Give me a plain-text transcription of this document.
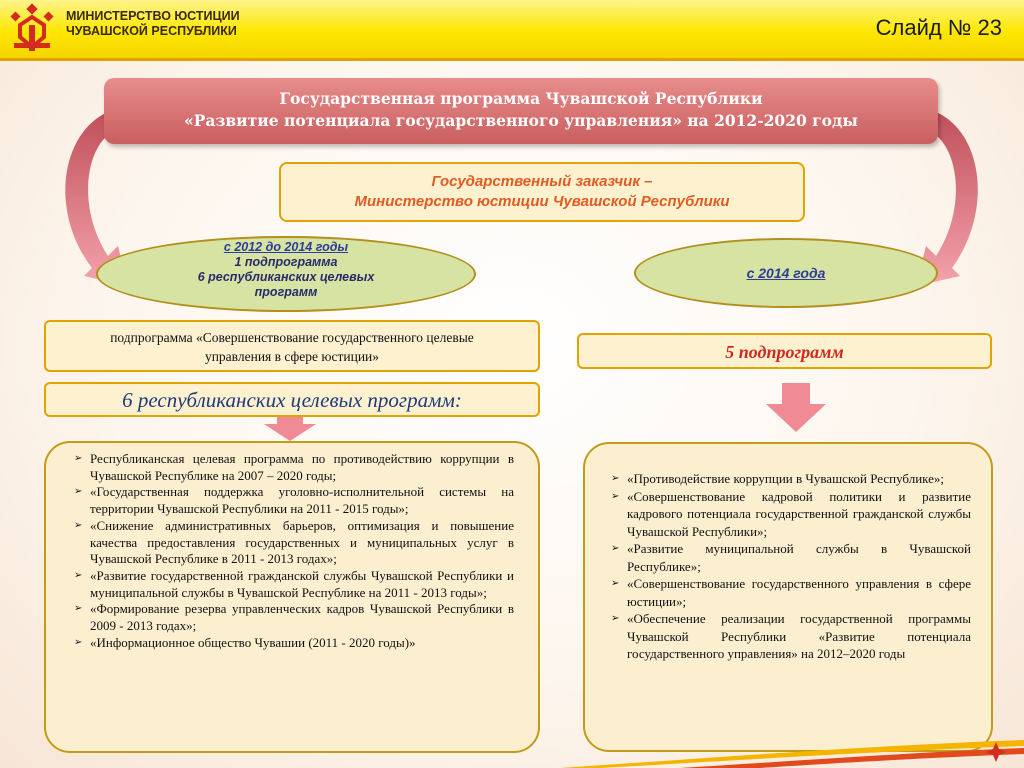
МИНИСТЕРСТВО ЮСТИЦИИ
ЧУВАШСКОЙ РЕСПУБЛИКИ	Слайд № 23
Государственная программа Чувашской Республики
«Развитие потенциала государственного управления» на 2012-2020 годы
Государственный заказчик –
Министерство юстиции Чувашской Республики
с 2012 до 2014 годы
1 подпрограмма
6 республиканских целевых
программ
с 2014 года
подпрограмма «Совершенствование государственного целевые
управления в сфере юстиции»
6 республиканских целевых программ:
5 подпрограмм
➢ Республиканская целевая программа по противодействию коррупции в Чувашской Республике на 2007 – 2020 годы;
➢ «Государственная поддержка уголовно-исполнительной системы на территории Чувашской Республики на 2011 - 2015 годы»;
➢ «Снижение административных барьеров, оптимизация и повышение качества предоставления государственных и муниципальных услуг в Чувашской Республике в 2011 - 2013 годах»;
➢ «Развитие государственной гражданской службы Чувашской Республики и муниципальной службы в Чувашской Республике на 2011 - 2013 годы»;
➢ «Формирование резерва управленческих кадров Чувашской Республики в 2009 - 2013 годах»;
➢ «Информационное общество Чувашии (2011 - 2020 годы)»
➢ «Противодействие коррупции в Чувашской Республике»;
➢ «Совершенствование кадровой политики и развитие кадрового потенциала государственной гражданской службы Чувашской Республики»;
➢ «Развитие муниципальной службы в Чувашской Республике»;
➢ «Совершенствование государственного управления в сфере юстиции»;
➢ «Обеспечение реализации государственной программы Чувашской Республики «Развитие потенциала государственного управления» на 2012–2020 годы
